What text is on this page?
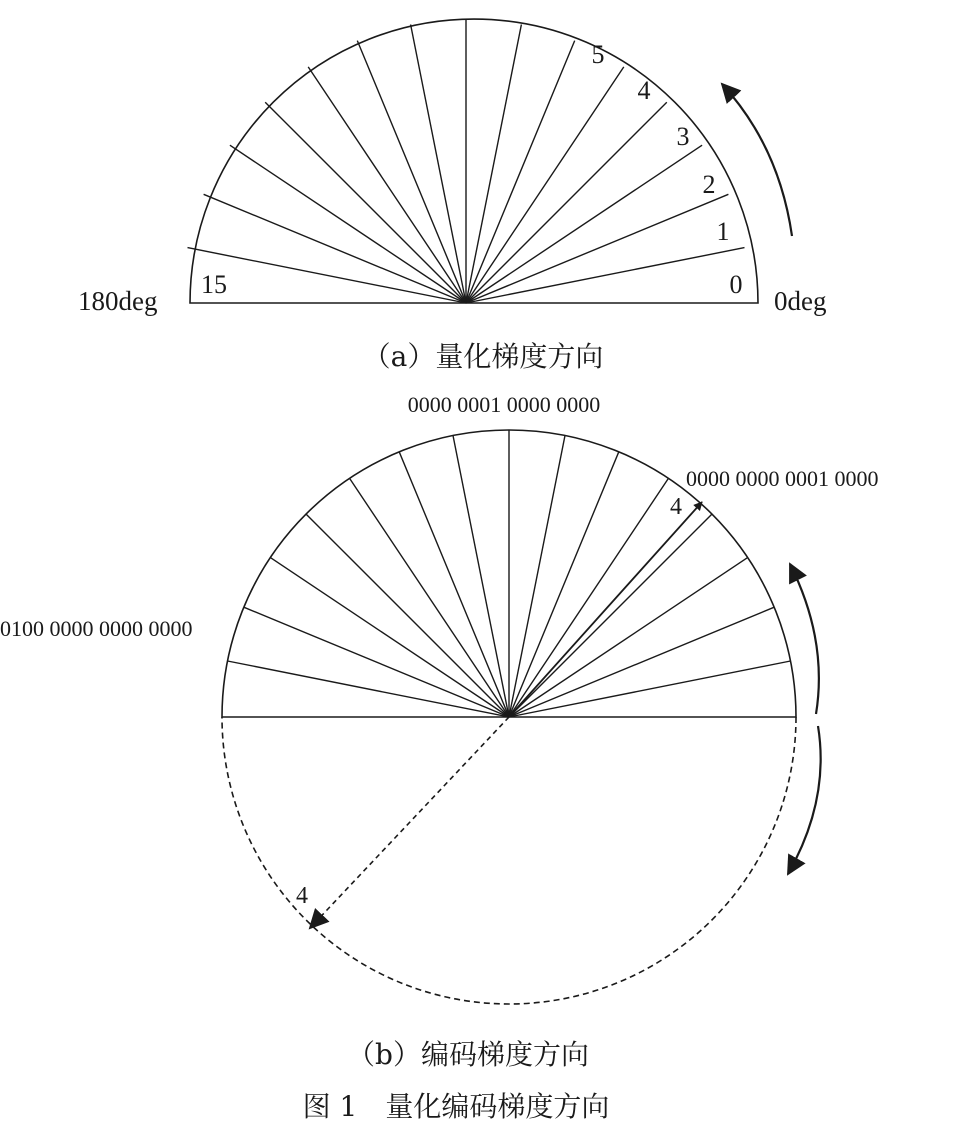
180deg	0deg
0
1
2
3
4
5
15
（a）量化梯度方向
4
4
0000 0001 0000 0000
0000 0000 0001 0000
0100 0000 0000 0000
（b）编码梯度方向
图 1　量化编码梯度方向
